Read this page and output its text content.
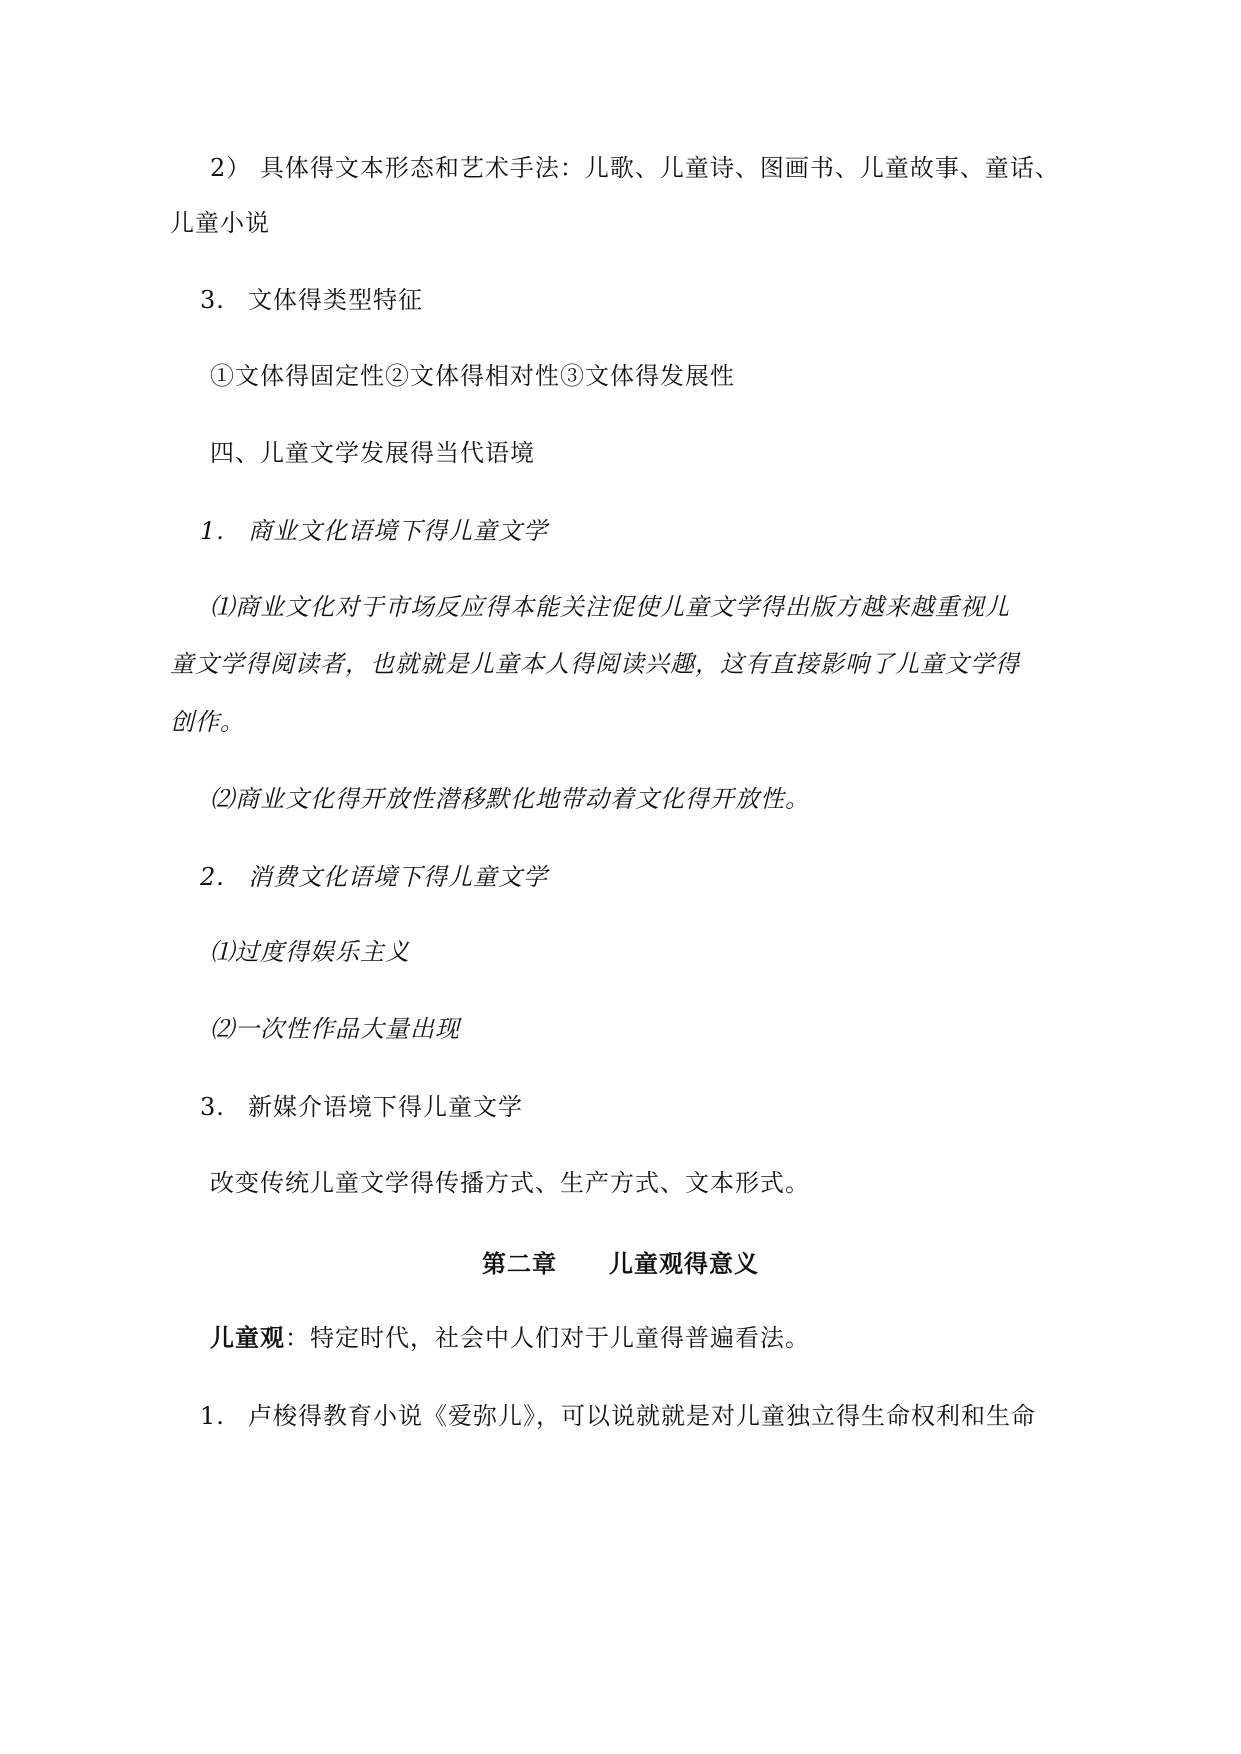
2） 具体得文本形态和艺术手法：儿歌、儿童诗、图画书、儿童故事、童话、
儿童小说
3. 文体得类型特征
①文体得固定性②文体得相对性③文体得发展性
四、儿童文学发展得当代语境
1. 商业文化语境下得儿童文学
⑴商业文化对于市场反应得本能关注促使儿童文学得出版方越来越重视儿
童文学得阅读者，也就就是儿童本人得阅读兴趣，这有直接影响了儿童文学得
创作。
⑵商业文化得开放性潜移默化地带动着文化得开放性。
2. 消费文化语境下得儿童文学
⑴过度得娱乐主义
⑵一次性作品大量出现
3. 新媒介语境下得儿童文学
改变传统儿童文学得传播方式、生产方式、文本形式。
第二章 儿童观得意义
儿童观：特定时代，社会中人们对于儿童得普遍看法。
1. 卢梭得教育小说《爱弥儿》，可以说就就是对儿童独立得生命权利和生命
